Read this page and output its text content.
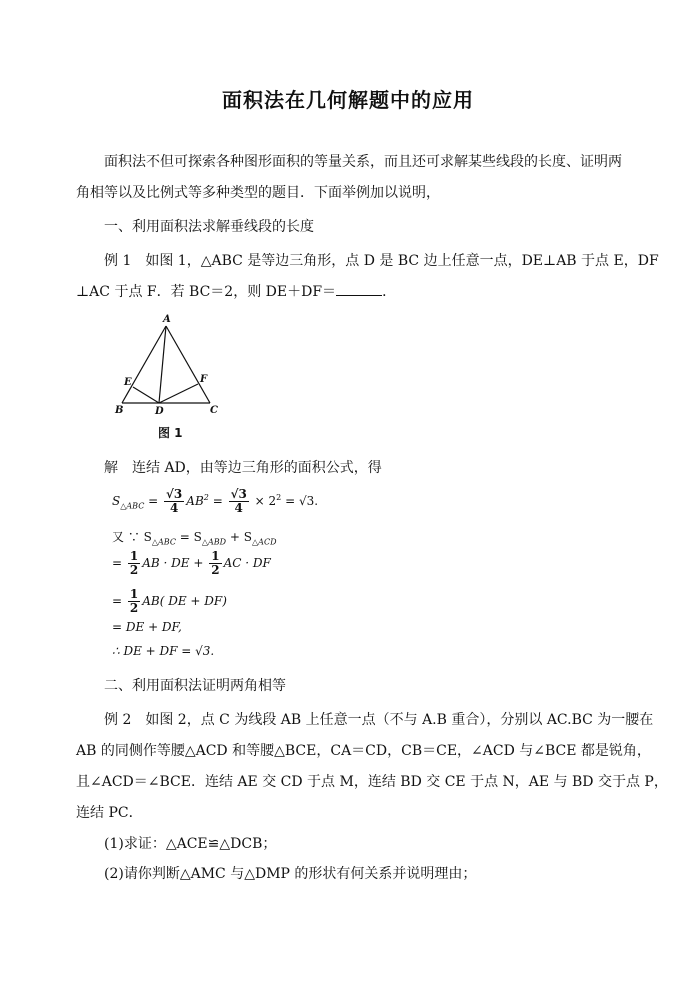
面积法在几何解题中的应用
面积法不但可探索各种图形面积的等量关系，而且还可求解某些线段的长度、证明两
角相等以及比例式等多种类型的题目．下面举例加以说明，
一、利用面积法求解垂线段的长度
例 1　如图 1，△ABC 是等边三角形，点 D 是 BC 边上任意一点，DE⊥AB 于点 E，DF
⊥AC 于点 F．若 BC＝2，则 DE＋DF＝	．
A
B	C
D
E	F
图 1
解　连结 AD，由等边三角形的面积公式，得
$S_{\triangle ABC} = \frac{√3}{4} AB^2 = \frac{√3}{4} \times 2^2 = √3$.
又 ∵ $S_{\triangle ABC} = S_{\triangle ABD} + S_{\triangle ACD}$
= $\frac{1}{2}$ AB · DE + $\frac{1}{2}$ AC · DF
= $\frac{1}{2} AB$( DE + DF)
= DE + DF,
∴ DE + DF = √3.
二、利用面积法证明两角相等
例 2　如图 2，点 C 为线段 AB 上任意一点（不与 A.B 重合），分别以 AC.BC 为一腰在
AB 的同侧作等腰△ACD 和等腰△BCE，CA＝CD，CB＝CE，∠ACD 与∠BCE 都是锐角，
且∠ACD＝∠BCE．连结 AE 交 CD 于点 M，连结 BD 交 CE 于点 N，AE 与 BD 交于点 P，
连结 PC．
(1)求证：△ACE≌△DCB；
(2)请你判断△AMC 与△DMP 的形状有何关系并说明理由；
